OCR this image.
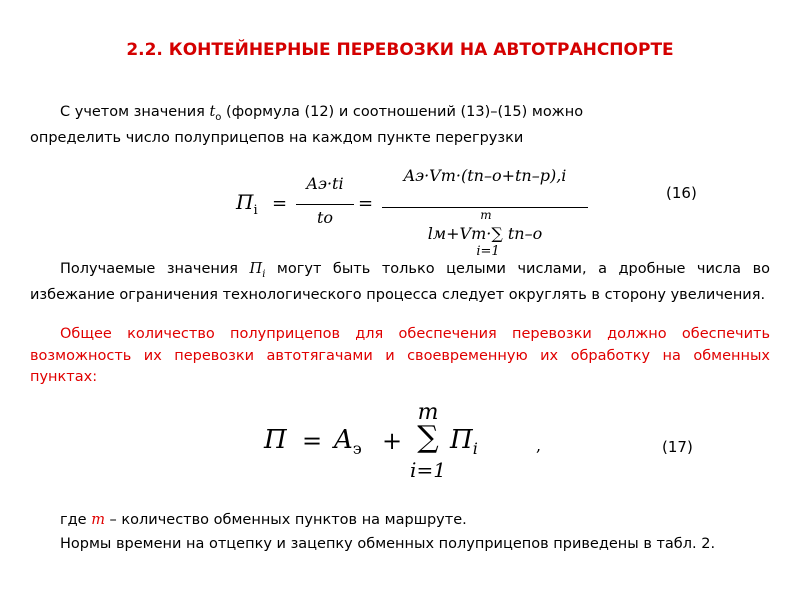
2.2. КОНТЕЙНЕРНЫЕ ПЕРЕВОЗКИ НА АВТОТРАНСПОРТЕ
С учетом значения $t_о$ (формула (12) и соотношений (13)–(15) можно
определить число полуприцепов на каждом пункте перегрузки
$П_i$ =
Aэ·ti
tо
=
Aэ·Vт·(tп–о+tп–р),i
m
lм+Vт·∑ tп–о
i=1
(16)
Получаемые значения $П_i$ могут быть только целыми числами, а дробные числа во избежание ограничения технологического процесса следует округлять в сторону увеличения.
Общее количество полуприцепов для обеспечения перевозки должно обеспечить возможность их перевозки автотягачами и своевременную их обработку на обменных пунктах:
$П = A_э$ +
m
∑
i=1
$П_i$	,	(17)
где m – количество обменных пунктов на маршруте.
Нормы времени на отцепку и зацепку обменных полуприцепов приведены в табл. 2.
